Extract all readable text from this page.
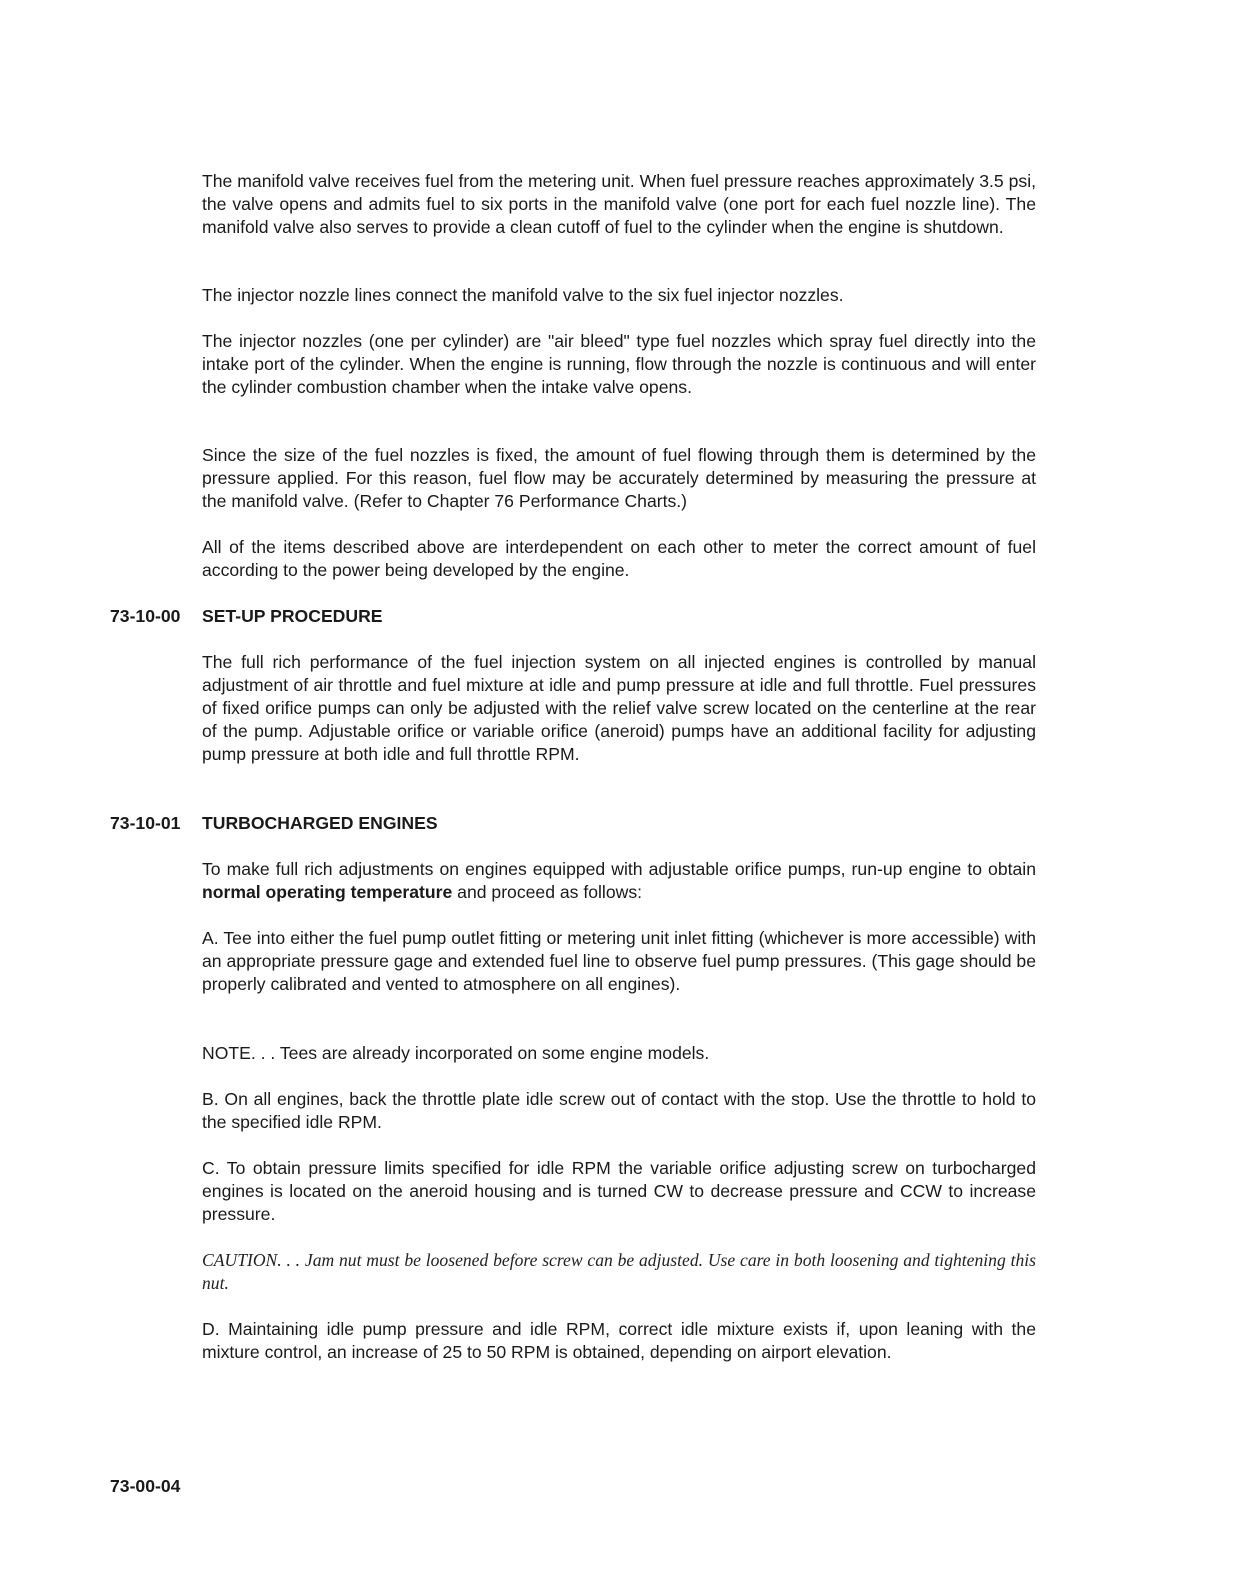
The manifold valve receives fuel from the metering unit. When fuel pressure reaches approximately 3.5 psi, the valve opens and admits fuel to six ports in the manifold valve (one port for each fuel nozzle line). The manifold valve also serves to provide a clean cutoff of fuel to the cylinder when the engine is shutdown.

The injector nozzle lines connect the manifold valve to the six fuel injector nozzles.

The injector nozzles (one per cylinder) are "air bleed" type fuel nozzles which spray fuel directly into the intake port of the cylinder. When the engine is running, flow through the nozzle is continuous and will enter the cylinder combustion chamber when the intake valve opens.

Since the size of the fuel nozzles is fixed, the amount of fuel flowing through them is determined by the pressure applied. For this reason, fuel flow may be accurately determined by measuring the pressure at the manifold valve. (Refer to Chapter 76 Performance Charts.)

All of the items described above are interdependent on each other to meter the correct amount of fuel according to the power being developed by the engine.

73-10-00 SET-UP PROCEDURE

The full rich performance of the fuel injection system on all injected engines is controlled by manual adjustment of air throttle and fuel mixture at idle and pump pressure at idle and full throttle. Fuel pressures of fixed orifice pumps can only be adjusted with the relief valve screw located on the centerline at the rear of the pump. Adjustable orifice or variable orifice (aneroid) pumps have an additional facility for adjusting pump pressure at both idle and full throttle RPM.

73-10-01 TURBOCHARGED ENGINES

To make full rich adjustments on engines equipped with adjustable orifice pumps, run-up engine to obtain normal operating temperature and proceed as follows:

A. Tee into either the fuel pump outlet fitting or metering unit inlet fitting (whichever is more accessible) with an appropriate pressure gage and extended fuel line to observe fuel pump pressures. (This gage should be properly calibrated and vented to atmosphere on all engines).

NOTE. . . Tees are already incorporated on some engine models.

B. On all engines, back the throttle plate idle screw out of contact with the stop. Use the throttle to hold to the specified idle RPM.

C. To obtain pressure limits specified for idle RPM the variable orifice adjusting screw on turbocharged engines is located on the aneroid housing and is turned CW to decrease pressure and CCW to increase pressure.

CAUTION. . . Jam nut must be loosened before screw can be adjusted. Use care in both loosening and tightening this nut.

D. Maintaining idle pump pressure and idle RPM, correct idle mixture exists if, upon leaning with the mixture control, an increase of 25 to 50 RPM is obtained, depending on airport elevation.

73-00-04
